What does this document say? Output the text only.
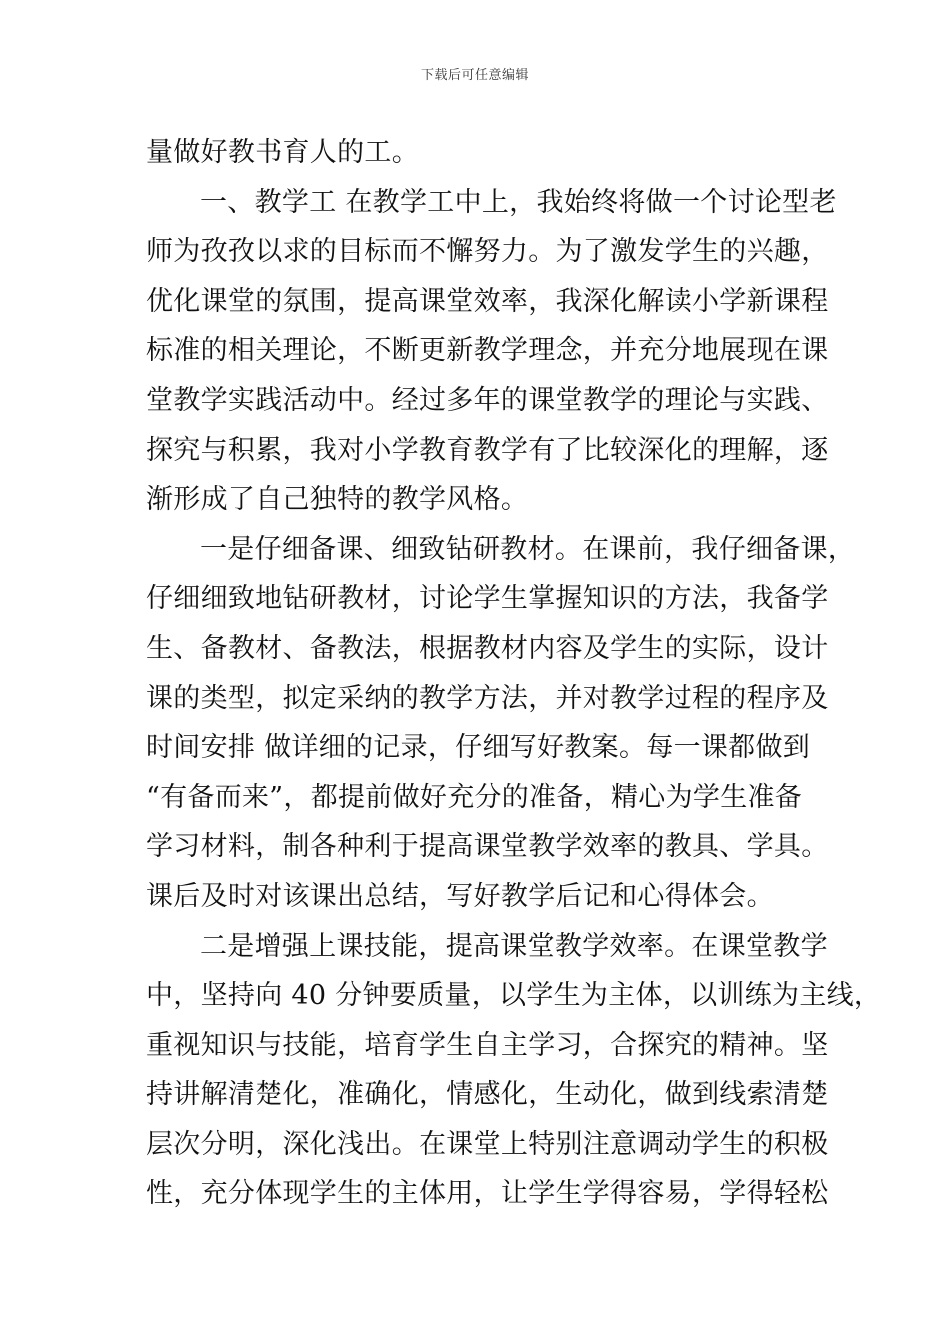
下载后可任意编辑
量做好教书育人的工。
一、教学工 在教学工中上，我始终将做一个讨论型老
师为孜孜以求的目标而不懈努力。为了激发学生的兴趣，
优化课堂的氛围，提高课堂效率，我深化解读小学新课程
标准的相关理论，不断更新教学理念，并充分地展现在课
堂教学实践活动中。经过多年的课堂教学的理论与实践、
探究与积累，我对小学教育教学有了比较深化的理解，逐
渐形成了自己独特的教学风格。
一是仔细备课、细致钻研教材。在课前，我仔细备课，
仔细细致地钻研教材，讨论学生掌握知识的方法，我备学
生、备教材、备教法，根据教材内容及学生的实际，设计
课的类型，拟定采纳的教学方法，并对教学过程的程序及
时间安排 做详细的记录，仔细写好教案。每一课都做到
“有备而来”，都提前做好充分的准备，精心为学生准备
学习材料，制各种利于提高课堂教学效率的教具、学具。
课后及时对该课出总结，写好教学后记和心得体会。
二是增强上课技能，提高课堂教学效率。在课堂教学
中，坚持向 40 分钟要质量，以学生为主体，以训练为主线，
重视知识与技能，培育学生自主学习，合探究的精神。坚
持讲解清楚化，准确化，情感化，生动化，做到线索清楚
层次分明，深化浅出。在课堂上特别注意调动学生的积极
性，充分体现学生的主体用，让学生学得容易，学得轻松
